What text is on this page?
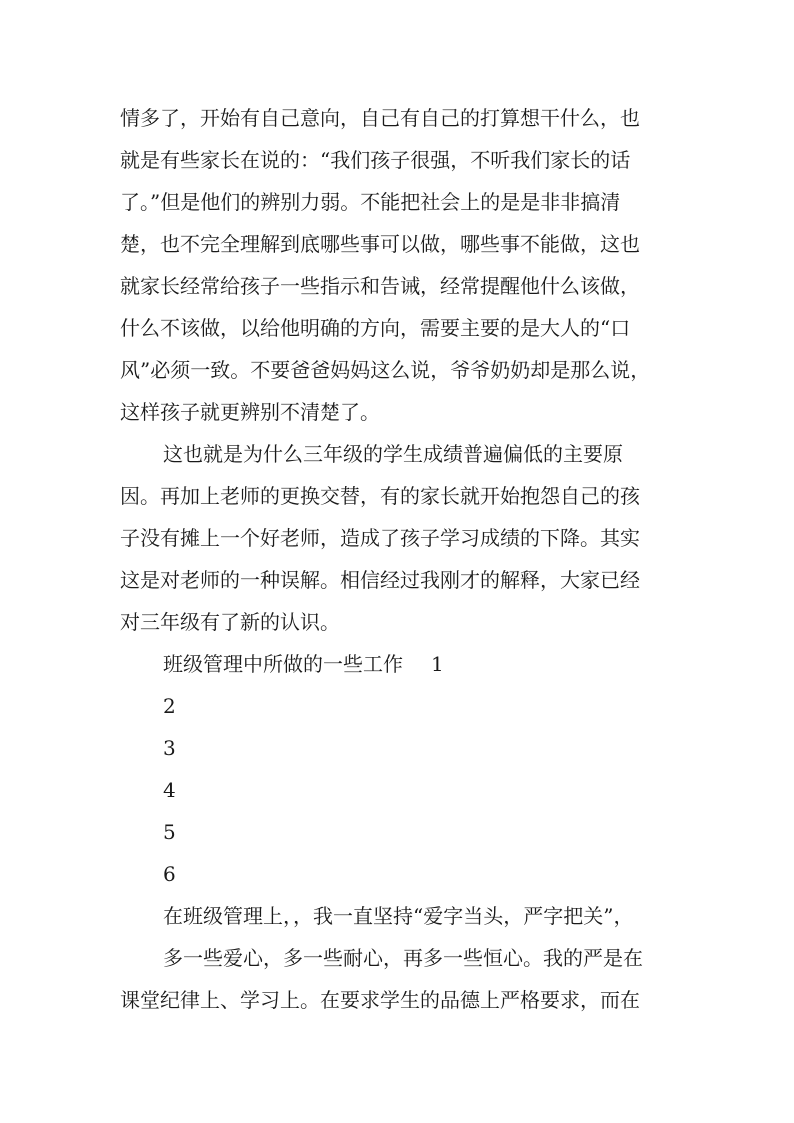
情多了，开始有自己意向，自己有自己的打算想干什么，也
就是有些家长在说的：“我们孩子很强，不听我们家长的话
了。”但是他们的辨别力弱。不能把社会上的是是非非搞清
楚，也不完全理解到底哪些事可以做，哪些事不能做，这也
就家长经常给孩子一些指示和告诫，经常提醒他什么该做，
什么不该做，以给他明确的方向，需要主要的是大人的“口
风”必须一致。不要爸爸妈妈这么说，爷爷奶奶却是那么说，
这样孩子就更辨别不清楚了。
这也就是为什么三年级的学生成绩普遍偏低的主要原
因。再加上老师的更换交替，有的家长就开始抱怨自己的孩
子没有摊上一个好老师，造成了孩子学习成绩的下降。其实
这是对老师的一种误解。相信经过我刚才的解释，大家已经
对三年级有了新的认识。
班级管理中所做的一些工作 1
2
3
4
5
6
在班级管理上，，我一直坚持“爱字当头，严字把关”，
多一些爱心，多一些耐心，再多一些恒心。我的严是在
课堂纪律上、学习上。在要求学生的品德上严格要求，而在
